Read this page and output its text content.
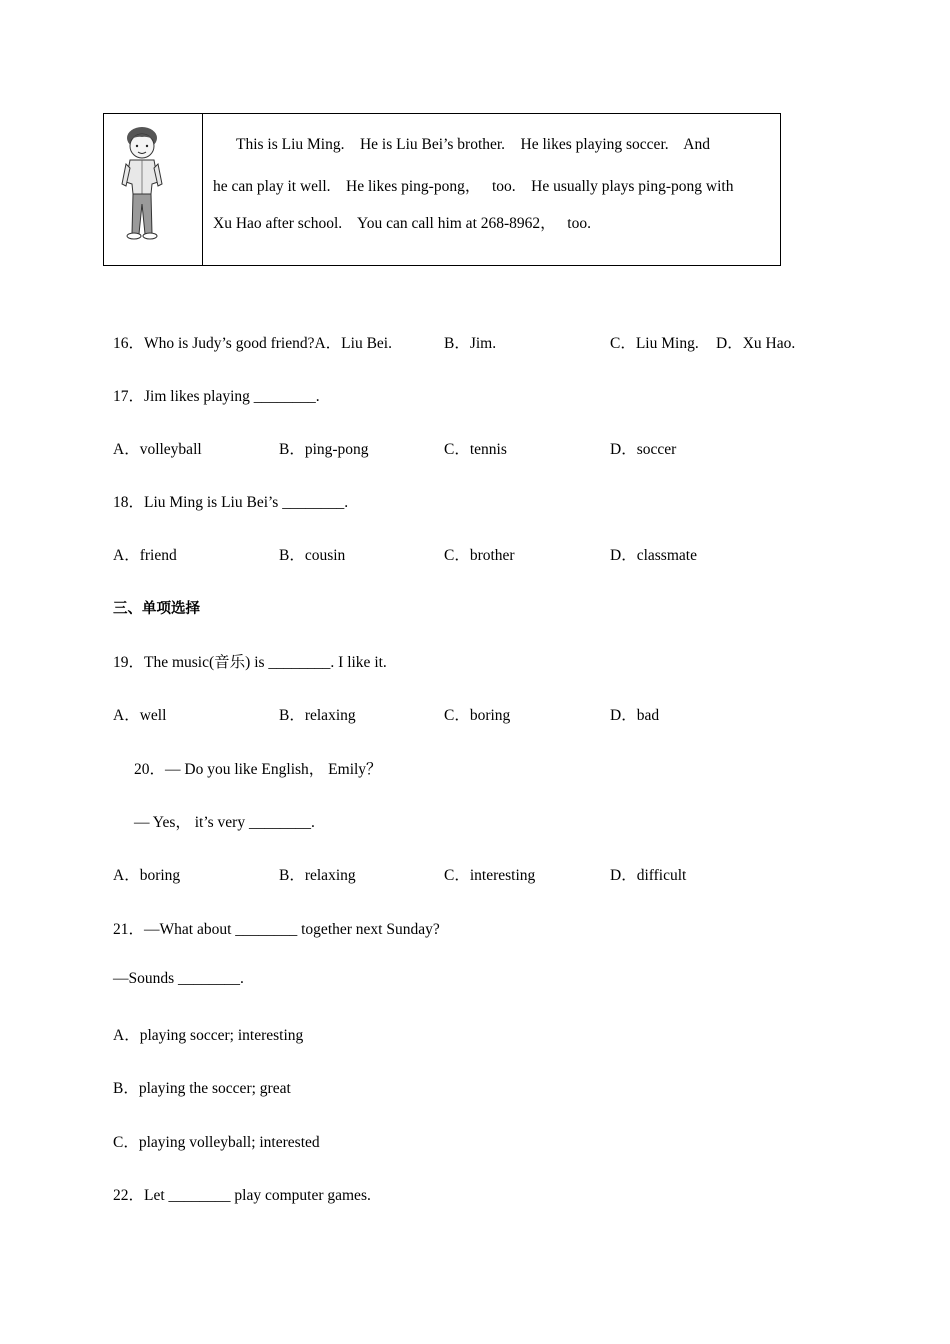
This is Liu Ming.    He is Liu Bei’s brother.    He likes playing soccer.    And
he can play it well.    He likes ping-pong，   too.    He usually plays ping-pong with
Xu Hao after school.    You can call him at 268-8962，   too.
16．Who is Judy’s good friend?A．Liu Bei.	B．Jim.	C．Liu Ming. D．Xu Hao.
17．Jim likes playing ________.
A．volleyball	B．ping-pong	C．tennis	D．soccer
18．Liu Ming is Liu Bei’s ________.
A．friend	B．cousin	C．brother	D．classmate
三、单项选择
19．The music(音乐) is ________. I like it.
A．well	B．relaxing	C．boring	D．bad
20．— Do you like English， Emily？
— Yes， it’s very ________.
A．boring	B．relaxing	C．interesting	D．difficult
21．—What about ________ together next Sunday?
—Sounds ________.
A．playing soccer; interesting
B．playing the soccer; great
C．playing volleyball; interested
22．Let ________ play computer games.
